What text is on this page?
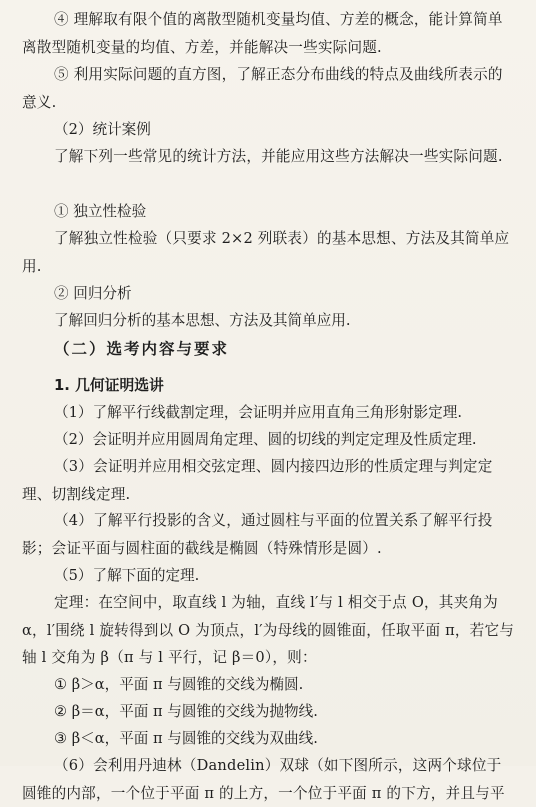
④ 理解取有限个值的离散型随机变量均值、方差的概念，能计算简单离散型随机变量的均值、方差，并能解决一些实际问题.
⑤ 利用实际问题的直方图，了解正态分布曲线的特点及曲线所表示的意义.
（2）统计案例
了解下列一些常见的统计方法，并能应用这些方法解决一些实际问题.
① 独立性检验
了解独立性检验（只要求 2×2 列联表）的基本思想、方法及其简单应用.
② 回归分析
了解回归分析的基本思想、方法及其简单应用.
（二）选考内容与要求
1. 几何证明选讲
（1）了解平行线截割定理，会证明并应用直角三角形射影定理.
（2）会证明并应用圆周角定理、圆的切线的判定定理及性质定理.
（3）会证明并应用相交弦定理、圆内接四边形的性质定理与判定定理、切割线定理.
（4）了解平行投影的含义，通过圆柱与平面的位置关系了解平行投影；会证平面与圆柱面的截线是椭圆（特殊情形是圆）.
（5）了解下面的定理.
定理：在空间中，取直线 l 为轴，直线 l′与 l 相交于点 O，其夹角为 α，l′围绕 l 旋转得到以 O 为顶点，l′为母线的圆锥面，任取平面 π，若它与轴 l 交角为 β（π 与 l 平行，记 β＝0），则：
① β＞α，平面 π 与圆锥的交线为椭圆.
② β＝α，平面 π 与圆锥的交线为抛物线.
③ β＜α，平面 π 与圆锥的交线为双曲线.
（6）会利用丹迪林（Dandelin）双球（如下图所示，这两个球位于圆锥的内部，一个位于平面 π 的上方，一个位于平面 π 的下方，并且与平
